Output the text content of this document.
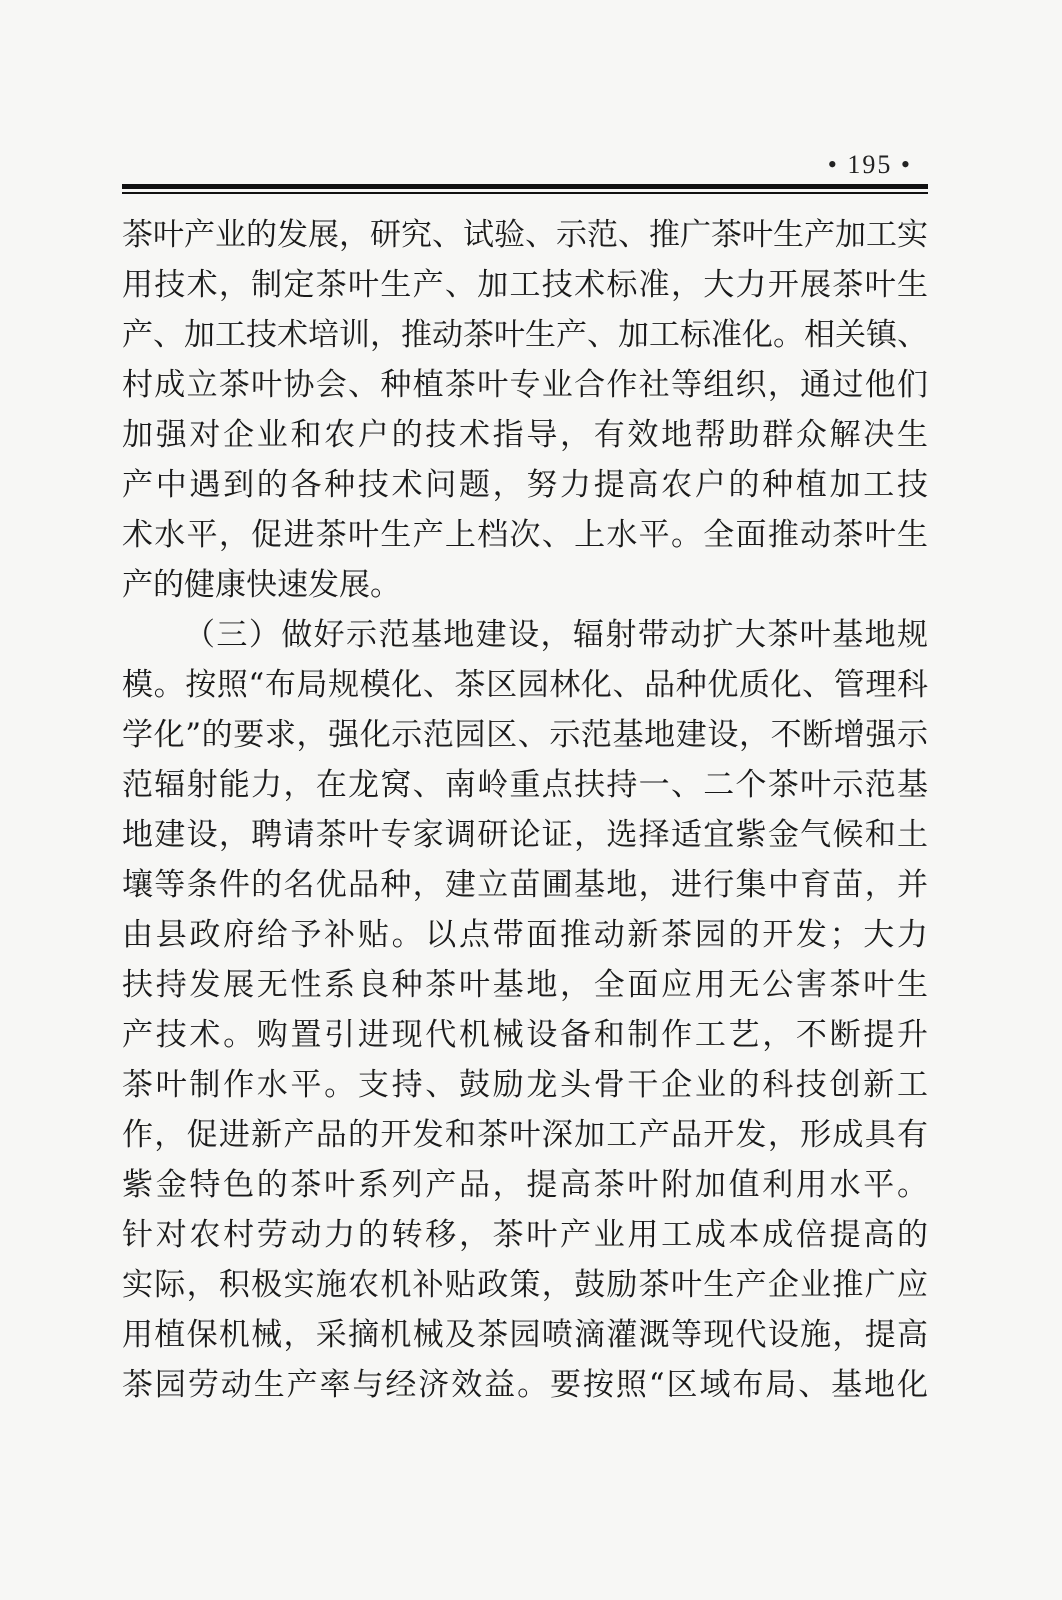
• 195 •
茶叶产业的发展，研究、试验、示范、推广茶叶生产加工实
用技术，制定茶叶生产、加工技术标准，大力开展茶叶生
产、加工技术培训，推动茶叶生产、加工标准化。相关镇、
村成立茶叶协会、种植茶叶专业合作社等组织，通过他们
加强对企业和农户的技术指导，有效地帮助群众解决生
产中遇到的各种技术问题，努力提高农户的种植加工技
术水平，促进茶叶生产上档次、上水平。全面推动茶叶生
产的健康快速发展。
（三）做好示范基地建设，辐射带动扩大茶叶基地规
模。按照“布局规模化、茶区园林化、品种优质化、管理科
学化”的要求，强化示范园区、示范基地建设，不断增强示
范辐射能力，在龙窝、南岭重点扶持一、二个茶叶示范基
地建设，聘请茶叶专家调研论证，选择适宜紫金气候和土
壤等条件的名优品种，建立苗圃基地，进行集中育苗，并
由县政府给予补贴。以点带面推动新茶园的开发；大力
扶持发展无性系良种茶叶基地，全面应用无公害茶叶生
产技术。购置引进现代机械设备和制作工艺，不断提升
茶叶制作水平。支持、鼓励龙头骨干企业的科技创新工
作，促进新产品的开发和茶叶深加工产品开发，形成具有
紫金特色的茶叶系列产品，提高茶叶附加值利用水平。
针对农村劳动力的转移，茶叶产业用工成本成倍提高的
实际，积极实施农机补贴政策，鼓励茶叶生产企业推广应
用植保机械，采摘机械及茶园喷滴灌溉等现代设施，提高
茶园劳动生产率与经济效益。要按照“区域布局、基地化
